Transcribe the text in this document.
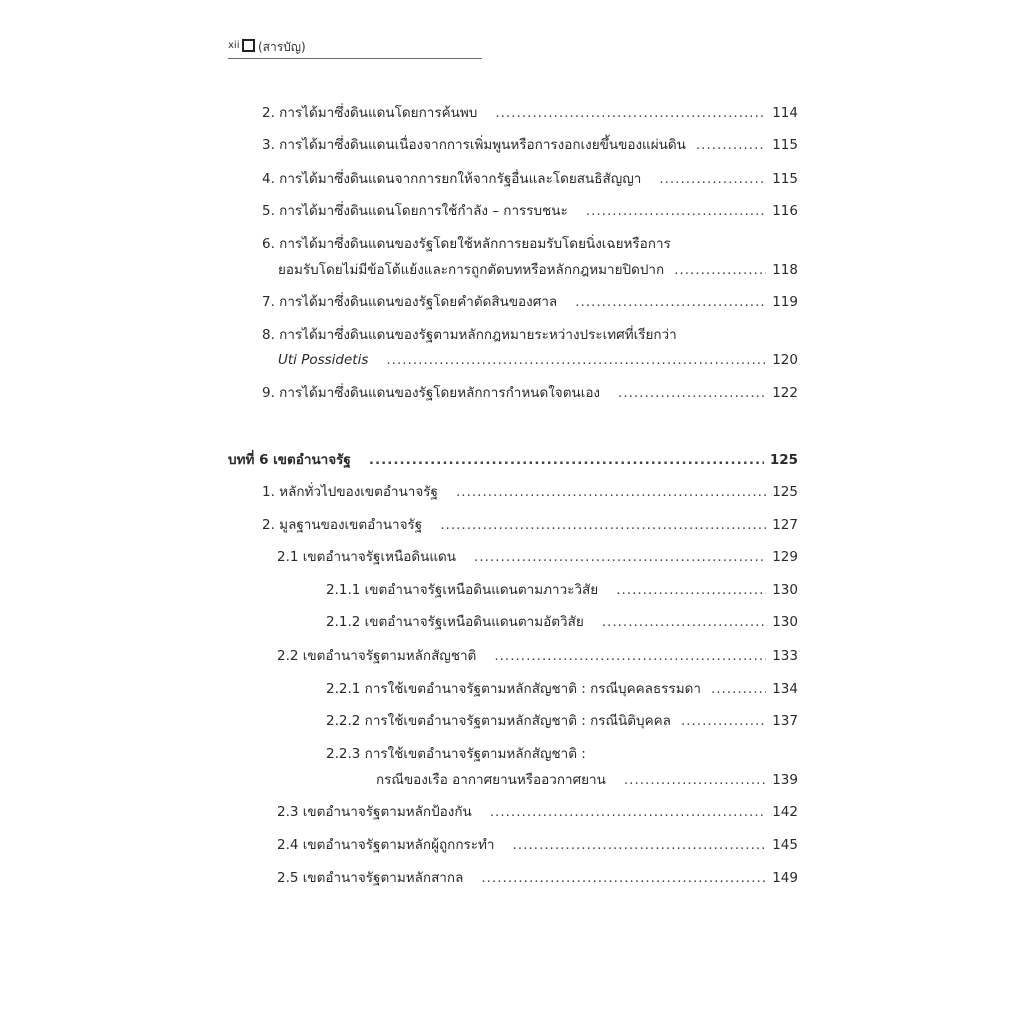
xii (สารบัญ)
2. การได้มาซึ่งดินแดนโดยการค้นพบ .....	114
3. การได้มาซึ่งดินแดนเนื่องจากการเพิ่มพูนหรือการงอกเงยขึ้นของแผ่นดิน .....	115
4. การได้มาซึ่งดินแดนจากการยกให้จากรัฐอื่นและโดยสนธิสัญญา .....	115
5. การได้มาซึ่งดินแดนโดยการใช้กำลัง – การรบชนะ .....	116
6. การได้มาซึ่งดินแดนของรัฐโดยใช้หลักการยอมรับโดยนิ่งเฉยหรือการ
ยอมรับโดยไม่มีข้อโต้แย้งและการถูกตัดบทหรือหลักกฎหมายปิดปาก .....	118
7. การได้มาซึ่งดินแดนของรัฐโดยคำตัดสินของศาล .....	119
8. การได้มาซึ่งดินแดนของรัฐตามหลักกฎหมายระหว่างประเทศที่เรียกว่า
Uti Possidetis .....	120
9. การได้มาซึ่งดินแดนของรัฐโดยหลักการกำหนดใจตนเอง .....	122
บทที่ 6 เขตอำนาจรัฐ .....	125
1. หลักทั่วไปของเขตอำนาจรัฐ .....	125
2. มูลฐานของเขตอำนาจรัฐ .....	127
2.1 เขตอำนาจรัฐเหนือดินแดน .....	129
2.1.1 เขตอำนาจรัฐเหนือดินแดนตามภาวะวิสัย .....	130
2.1.2 เขตอำนาจรัฐเหนือดินแดนตามอัตวิสัย .....	130
2.2 เขตอำนาจรัฐตามหลักสัญชาติ .....	133
2.2.1 การใช้เขตอำนาจรัฐตามหลักสัญชาติ : กรณีบุคคลธรรมดา .....	134
2.2.2 การใช้เขตอำนาจรัฐตามหลักสัญชาติ : กรณีนิติบุคคล .....	137
2.2.3 การใช้เขตอำนาจรัฐตามหลักสัญชาติ :
กรณีของเรือ อากาศยานหรืออวกาศยาน .....	139
2.3 เขตอำนาจรัฐตามหลักป้องกัน .....	142
2.4 เขตอำนาจรัฐตามหลักผู้ถูกกระทำ .....	145
2.5 เขตอำนาจรัฐตามหลักสากล .....	149
